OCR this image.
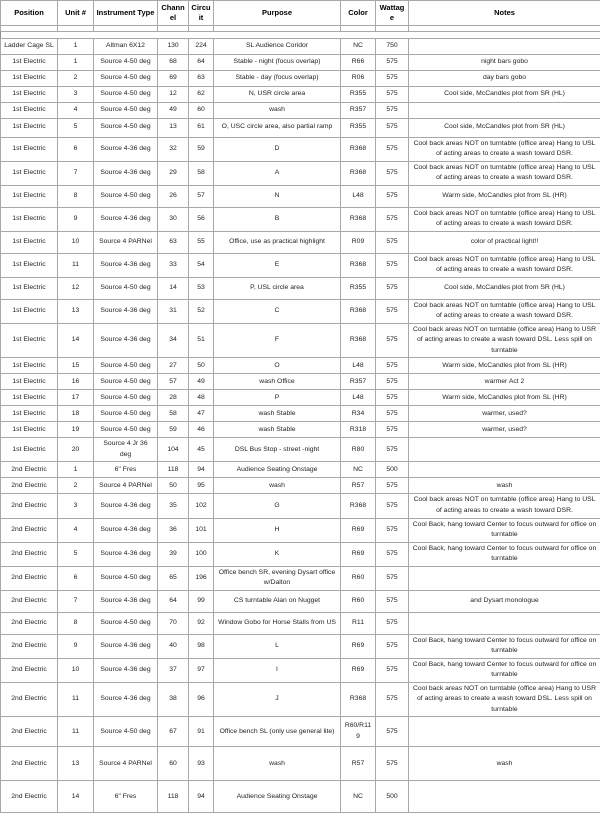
Position	Unit #	Instrument Type	Channel	Circuit	Purpose	Color	Wattage	Notes

Ladder Cage SL	1	Altman 6X12	130	224	SL Audience Coridor	NC	750	
1st Electric	1	Source 4-50 deg	68	64	Stable - night (focus overlap)	R66	575	night bars gobo
1st Electric	2	Source 4-50 deg	69	63	Stable - day (focus overlap)	R06	575	day bars gobo
1st Electric	3	Source 4-50 deg	12	62	N, USR circle area	R355	575	Cool side, McCandles plot from SR (HL)
1st Electric	4	Source 4-50 deg	49	60	wash	R357	575	
1st Electric	5	Source 4-50 deg	13	61	O, USC circle area, also partial ramp	R355	575	Cool side, McCandles plot from SR (HL)
1st Electric	6	Source 4-36 deg	32	59	D	R368	575	Cool back areas NOT on turntable (office area) Hang to USL of acting areas to create a wash toward DSR.
1st Electric	7	Source 4-36 deg	29	58	A	R368	575	Cool back areas NOT on turntable (office area) Hang to USL of acting areas to create a wash toward DSR.
1st Electric	8	Source 4-50 deg	26	57	N	L48	575	Warm side, McCandles plot from SL (HR)
1st Electric	9	Source 4-36 deg	30	56	B	R368	575	Cool back areas NOT on turntable (office area) Hang to USL of acting areas to create a wash toward DSR.
1st Electric	10	Source 4 PARNel	63	55	Office, use as practical highlight	R09	575	color of practical light!!
1st Electric	11	Source 4-36 deg	33	54	E	R368	575	Cool back areas NOT on turntable (office area) Hang to USL of acting areas to create a wash toward DSR.
1st Electric	12	Source 4-50 deg	14	53	P, USL circle area	R355	575	Cool side, McCandles plot from SR (HL)
1st Electric	13	Source 4-36 deg	31	52	C	R368	575	Cool back areas NOT on turntable (office area) Hang to USL of acting areas to create a wash toward DSR.
1st Electric	14	Source 4-36 deg	34	51	F	R368	575	Cool back areas NOT on turntable (office area) Hang to USR of acting areas to create a wash toward DSL. Less spill on turntable
1st Electric	15	Source 4-50 deg	27	50	O	L48	575	Warm side, McCandles plot from SL (HR)
1st Electric	16	Source 4-50 deg	57	49	wash Office	R357	575	warmer Act 2
1st Electric	17	Source 4-50 deg	28	48	P	L48	575	Warm side, McCandles plot from SL (HR)
1st Electric	18	Source 4-50 deg	58	47	wash Stable	R34	575	warmer, used?
1st Electric	19	Source 4-50 deg	59	46	wash Stable	R318	575	warmer, used?
1st Electric	20	Source 4 Jr 36 deg	104	45	DSL Bus Stop - street -night	R80	575	
2nd Electric	1	6" Fres	118	94	Audience Seating Onstage	NC	500	
2nd Electric	2	Source 4 PARNel	50	95	wash	R57	575	wash
2nd Electric	3	Source 4-36 deg	35	102	G	R368	575	Cool back areas NOT on turntable (office area) Hang to USL of acting areas to create a wash toward DSR.
2nd Electric	4	Source 4-36 deg	36	101	H	R69	575	Cool Back, hang toward Center to focus outward for office on turntable
2nd Electric	5	Source 4-36 deg	39	100	K	R69	575	Cool Back, hang toward Center to focus outward for office on turntable
2nd Electric	6	Source 4-50 deg	65	196	Office bench SR, evening Dysart office w/Dalton	R60	575	
2nd Electric	7	Source 4-36 deg	64	99	CS turntable Alan on Nugget	R60	575	and Dysart monologue
2nd Electric	8	Source 4-50 deg	70	92	Window Gobo for Horse Stalls from US	R11	575	
2nd Electric	9	Source 4-36 deg	40	98	L	R69	575	Cool Back, hang toward Center to focus outward for office on turntable
2nd Electric	10	Source 4-36 deg	37	97	I	R69	575	Cool Back, hang toward Center to focus outward for office on turntable
2nd Electric	11	Source 4-36 deg	38	96	J	R368	575	Cool back areas NOT on turntable (office area) Hang to USR of acting areas to create a wash toward DSL. Less spill on turntable
2nd Electric	11	Source 4-50 deg	67	91	Office bench SL (only use general lite)	R60/R119	575	
2nd Electric	13	Source 4 PARNel	60	93	wash	R57	575	wash
2nd Electric	14	6" Fres	118	94	Audience Seating Onstage	NC	500	
